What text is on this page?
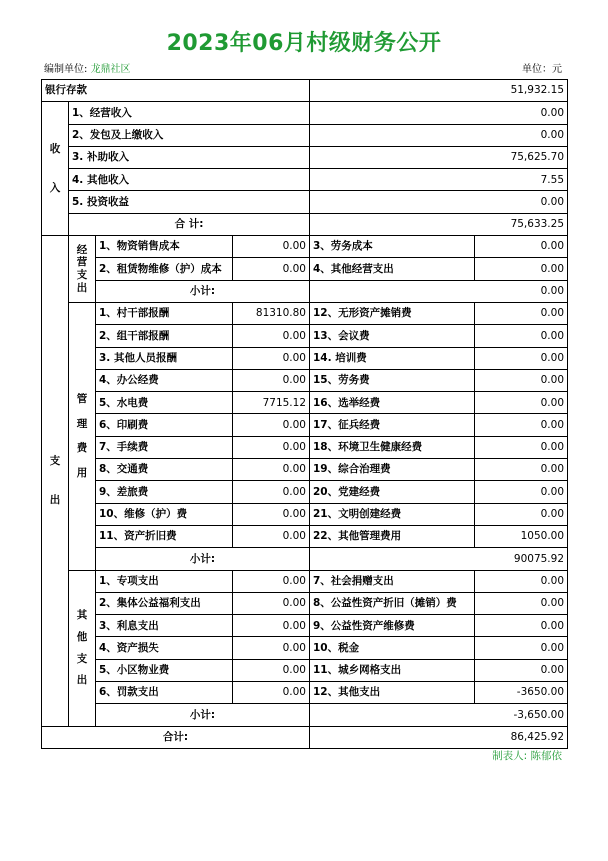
2023年06月村级财务公开
编制单位: 龙鼎社区	单位：元
银行存款				51,932.15	

收
入	1、经营收入			0.00	
	2、发包及上缴收入			0.00	
	3. 补助收入			75,625.70	
	4. 其他收入			7.55	
	5. 投资收益			0.00	
	合 计:			75,633.25	

支
出	经
营
支
出	1、物资销售成本	0.00	3、劳务成本	0.00
		2、租赁物维修（护）成本	0.00	4、其他经营支出	0.00
		小计:		0.00	

	管
理
费
用	1、村干部报酬	81310.80	12、无形资产摊销费	0.00
		2、组干部报酬	0.00	13、会议费	0.00
		3. 其他人员报酬	0.00	14. 培训费	0.00
		4、办公经费	0.00	15、劳务费	0.00
		5、水电费	7715.12	16、选举经费	0.00
		6、印刷费	0.00	17、征兵经费	0.00
		7、手续费	0.00	18、环境卫生健康经费	0.00
		8、交通费	0.00	19、综合治理费	0.00
		9、差旅费	0.00	20、党建经费	0.00
		10、维修（护）费	0.00	21、文明创建经费	0.00
		11、资产折旧费	0.00	22、其他管理费用	1050.00
		小计:		90075.92	

	其
他
支
出	1、专项支出	0.00	7、社会捐赠支出	0.00
		2、集体公益福利支出	0.00	8、公益性资产折旧（摊销）费	0.00
		3、利息支出	0.00	9、公益性资产维修费	0.00
		4、资产损失	0.00	10、税金	0.00
		5、小区物业费	0.00	11、城乡网格支出	0.00
		6、罚款支出	0.00	12、其他支出	-3650.00
		小计:		-3,650.00	
合计:				86,425.92	
制表人: 陈郁依
